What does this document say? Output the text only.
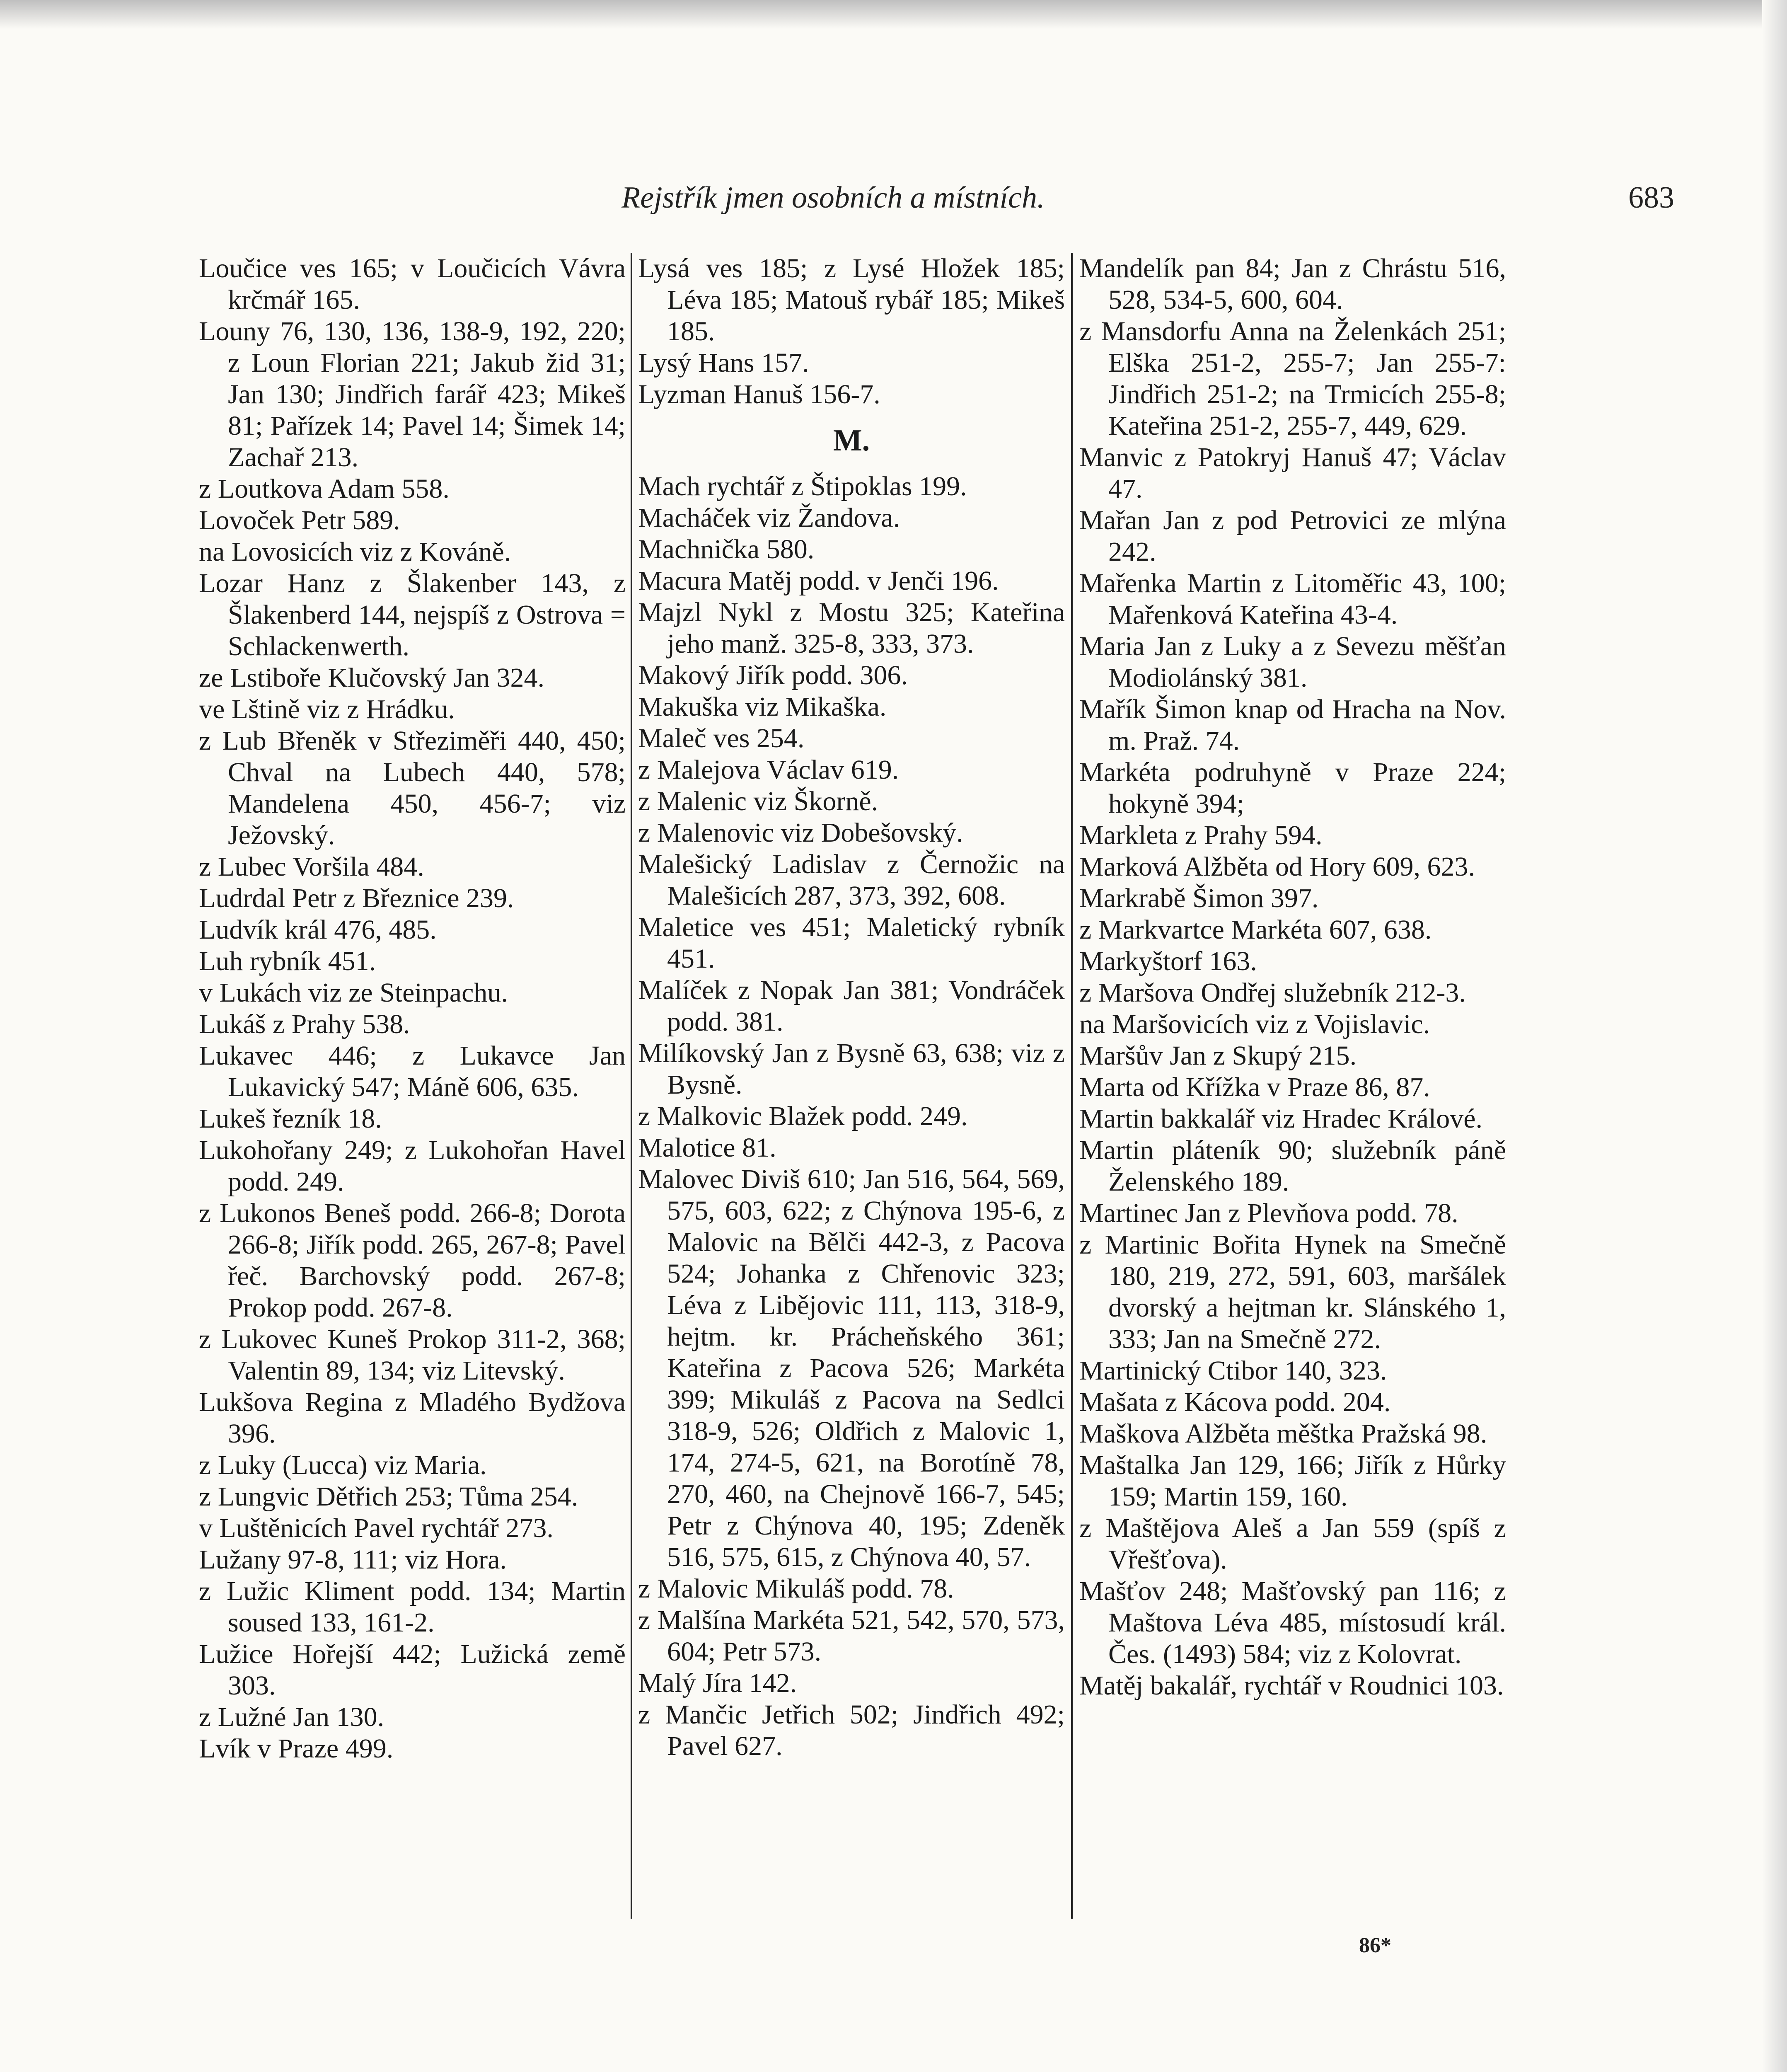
Rejstřík jmen osobních a místních.	683

Loučice ves 165; v Loučicích Vávra krčmář 165.

Louny 76, 130, 136, 138-9, 192, 220; z Loun Florian 221; Jakub žid 31; Jan 130; Jindřich farář 423; Mikeš 81; Pařízek 14; Pavel 14; Šimek 14; Zachař 213.

z Loutkova Adam 558.

Lovoček Petr 589.

na Lovosicích viz z Kováně.

Lozar Hanz z Šlakenber 143, z Šlakenberd 144, nejspíš z Ostrova = Schlackenwerth.

ze Lstiboře Klučovský Jan 324.

ve Lštině viz z Hrádku.

z Lub Břeněk v Střeziměři 440, 450; Chval na Lubech 440, 578; Mandelena 450, 456-7; viz Ježovský.

z Lubec Voršila 484.

Ludrdal Petr z Březnice 239.

Ludvík král 476, 485.

Luh rybník 451.

v Lukách viz ze Steinpachu.

Lukáš z Prahy 538.

Lukavec 446; z Lukavce Jan Lukavický 547; Máně 606, 635.

Lukeš řezník 18.

Lukohořany 249; z Lukohořan Havel podd. 249.

z Lukonos Beneš podd. 266-8; Dorota 266-8; Jiřík podd. 265, 267-8; Pavel řeč. Barchovský podd. 267-8; Prokop podd. 267-8.

z Lukovec Kuneš Prokop 311-2, 368; Valentin 89, 134; viz Litevský.

Lukšova Regina z Mladého Bydžova 396.

z Luky (Lucca) viz Maria.

z Lungvic Dětřich 253; Tůma 254.

v Luštěnicích Pavel rychtář 273.

Lužany 97-8, 111; viz Hora.

z Lužic Kliment podd. 134; Martin soused 133, 161-2.

Lužice Hořejší 442; Lužická země 303.

z Lužné Jan 130.

Lvík v Praze 499.

Lysá ves 185; z Lysé Hložek 185; Léva 185; Matouš rybář 185; Mikeš 185.

Lysý Hans 157.

Lyzman Hanuš 156-7.

M.

Mach rychtář z Štipoklas 199.

Macháček viz Žandova.

Machnička 580.

Macura Matěj podd. v Jenči 196.

Majzl Nykl z Mostu 325; Kateřina jeho manž. 325-8, 333, 373.

Makový Jiřík podd. 306.

Makuška viz Mikaška.

Maleč ves 254.

z Malejova Václav 619.

z Malenic viz Škorně.

z Malenovic viz Dobešovský.

Malešický Ladislav z Černožic na Malešicích 287, 373, 392, 608.

Maletice ves 451; Maletický rybník 451.

Malíček z Nopak Jan 381; Vondráček podd. 381.

Milíkovský Jan z Bysně 63, 638; viz z Bysně.

z Malkovic Blažek podd. 249.

Malotice 81.

Malovec Diviš 610; Jan 516, 564, 569, 575, 603, 622; z Chýnova 195-6, z Malovic na Bělči 442-3, z Pacova 524; Johanka z Chřenovic 323; Léva z Libějovic 111, 113, 318-9, hejtm. kr. Prácheňského 361; Kateřina z Pacova 526; Markéta 399; Mikuláš z Pacova na Sedlci 318-9, 526; Oldřich z Malovic 1, 174, 274-5, 621, na Borotíně 78, 270, 460, na Chejnově 166-7, 545; Petr z Chýnova 40, 195; Zdeněk 516, 575, 615, z Chýnova 40, 57.

z Malovic Mikuláš podd. 78.

z Malšína Markéta 521, 542, 570, 573, 604; Petr 573.

Malý Jíra 142.

z Mančic Jetřich 502; Jindřich 492; Pavel 627.

Mandelík pan 84; Jan z Chrástu 516, 528, 534-5, 600, 604.

z Mansdorfu Anna na Želenkách 251; Elška 251-2, 255-7; Jan 255-7: Jindřich 251-2; na Trmicích 255-8; Kateřina 251-2, 255-7, 449, 629.

Manvic z Patokryj Hanuš 47; Václav 47.

Mařan Jan z pod Petrovici ze mlýna 242.

Mařenka Martin z Litoměřic 43, 100; Mařenková Kateřina 43-4.

Maria Jan z Luky a z Sevezu měšťan Modiolánský 381.

Mařík Šimon knap od Hracha na Nov. m. Praž. 74.

Markéta podruhyně v Praze 224; hokyně 394;

Markleta z Prahy 594.

Marková Alžběta od Hory 609, 623.

Markrabě Šimon 397.

z Markvartce Markéta 607, 638.

Markyštorf 163.

z Maršova Ondřej služebník 212-3.

na Maršovicích viz z Vojislavic.

Maršův Jan z Skupý 215.

Marta od Křížka v Praze 86, 87.

Martin bakkalář viz Hradec Králové.

Martin pláteník 90; služebník páně Želenského 189.

Martinec Jan z Plevňova podd. 78.

z Martinic Bořita Hynek na Smečně 180, 219, 272, 591, 603, maršálek dvorský a hejtman kr. Slánského 1, 333; Jan na Smečně 272.

Martinický Ctibor 140, 323.

Mašata z Kácova podd. 204.

Maškova Alžběta měštka Pražská 98.

Maštalka Jan 129, 166; Jiřík z Hůrky 159; Martin 159, 160.

z Maštějova Aleš a Jan 559 (spíš z Vřešťova).

Mašťov 248; Mašťovský pan 116; z Maštova Léva 485, místosudí král. Čes. (1493) 584; viz z Kolovrat.

Matěj bakalář, rychtář v Roudnici 103.

86*
